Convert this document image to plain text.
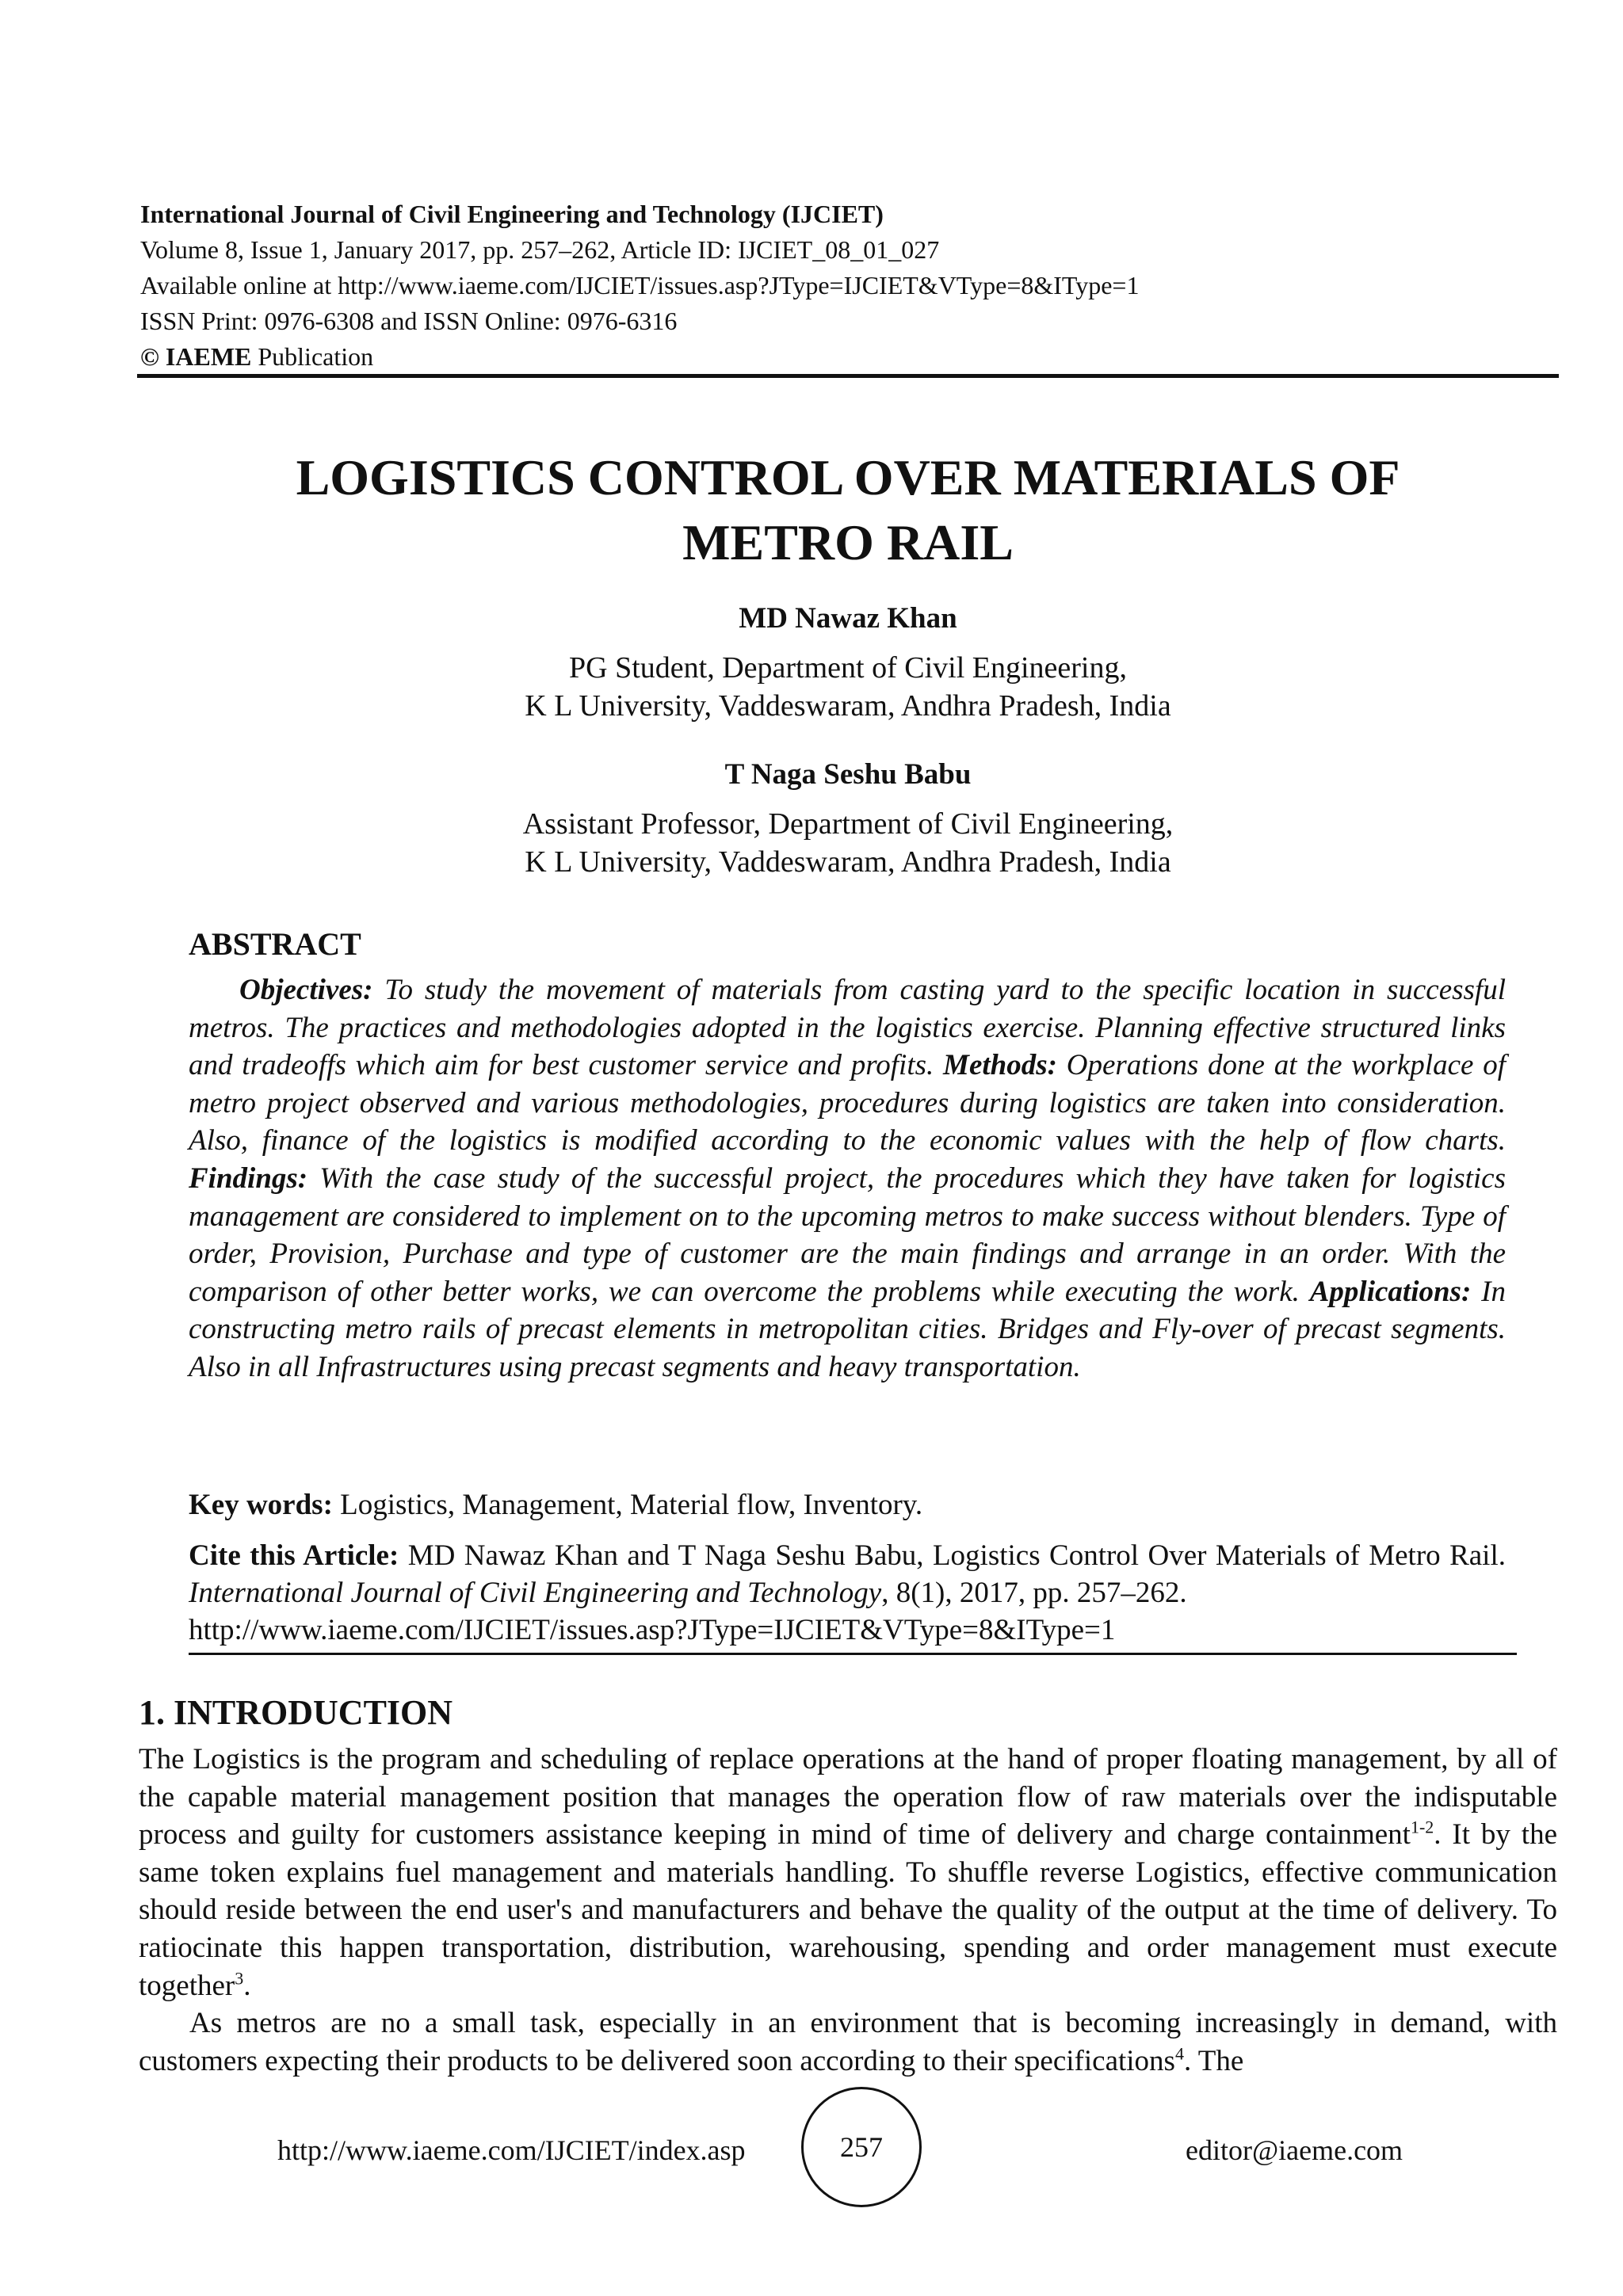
International Journal of Civil Engineering and Technology (IJCIET)
Volume 8, Issue 1, January 2017, pp. 257–262, Article ID: IJCIET_08_01_027
Available online at http://www.iaeme.com/IJCIET/issues.asp?JType=IJCIET&VType=8&IType=1
ISSN Print: 0976-6308 and ISSN Online: 0976-6316
© IAEME Publication
LOGISTICS CONTROL OVER MATERIALS OF
METRO RAIL
MD Nawaz Khan
PG Student, Department of Civil Engineering,
K L University, Vaddeswaram, Andhra Pradesh, India
T Naga Seshu Babu
Assistant Professor, Department of Civil Engineering,
K L University, Vaddeswaram, Andhra Pradesh, India
ABSTRACT
Objectives: To study the movement of materials from casting yard to the specific location in successful metros. The practices and methodologies adopted in the logistics exercise. Planning effective structured links and tradeoffs which aim for best customer service and profits. Methods: Operations done at the workplace of metro project observed and various methodologies, procedures during logistics are taken into consideration. Also, finance of the logistics is modified according to the economic values with the help of flow charts. Findings: With the case study of the successful project, the procedures which they have taken for logistics management are considered to implement on to the upcoming metros to make success without blenders. Type of order, Provision, Purchase and type of customer are the main findings and arrange in an order. With the comparison of other better works, we can overcome the problems while executing the work. Applications: In constructing metro rails of precast elements in metropolitan cities. Bridges and Fly-over of precast segments. Also in all Infrastructures using precast segments and heavy transportation.
Key words: Logistics, Management, Material flow, Inventory.
Cite this Article: MD Nawaz Khan and T Naga Seshu Babu, Logistics Control Over Materials of Metro Rail. International Journal of Civil Engineering and Technology, 8(1), 2017, pp. 257–262.
http://www.iaeme.com/IJCIET/issues.asp?JType=IJCIET&VType=8&IType=1
1. INTRODUCTION
The Logistics is the program and scheduling of replace operations at the hand of proper floating management, by all of the capable material management position that manages the operation flow of raw materials over the indisputable process and guilty for customers assistance keeping in mind of time of delivery and charge containment$^{1-2}$. It by the same token explains fuel management and materials handling. To shuffle reverse Logistics, effective communication should reside between the end user's and manufacturers and behave the quality of the output at the time of delivery. To ratiocinate this happen transportation, distribution, warehousing, spending and order management must execute together$^3$.
As metros are no a small task, especially in an environment that is becoming increasingly in demand, with customers expecting their products to be delivered soon according to their specifications$^4$. The
http://www.iaeme.com/IJCIET/index.asp	257	editor@iaeme.com
